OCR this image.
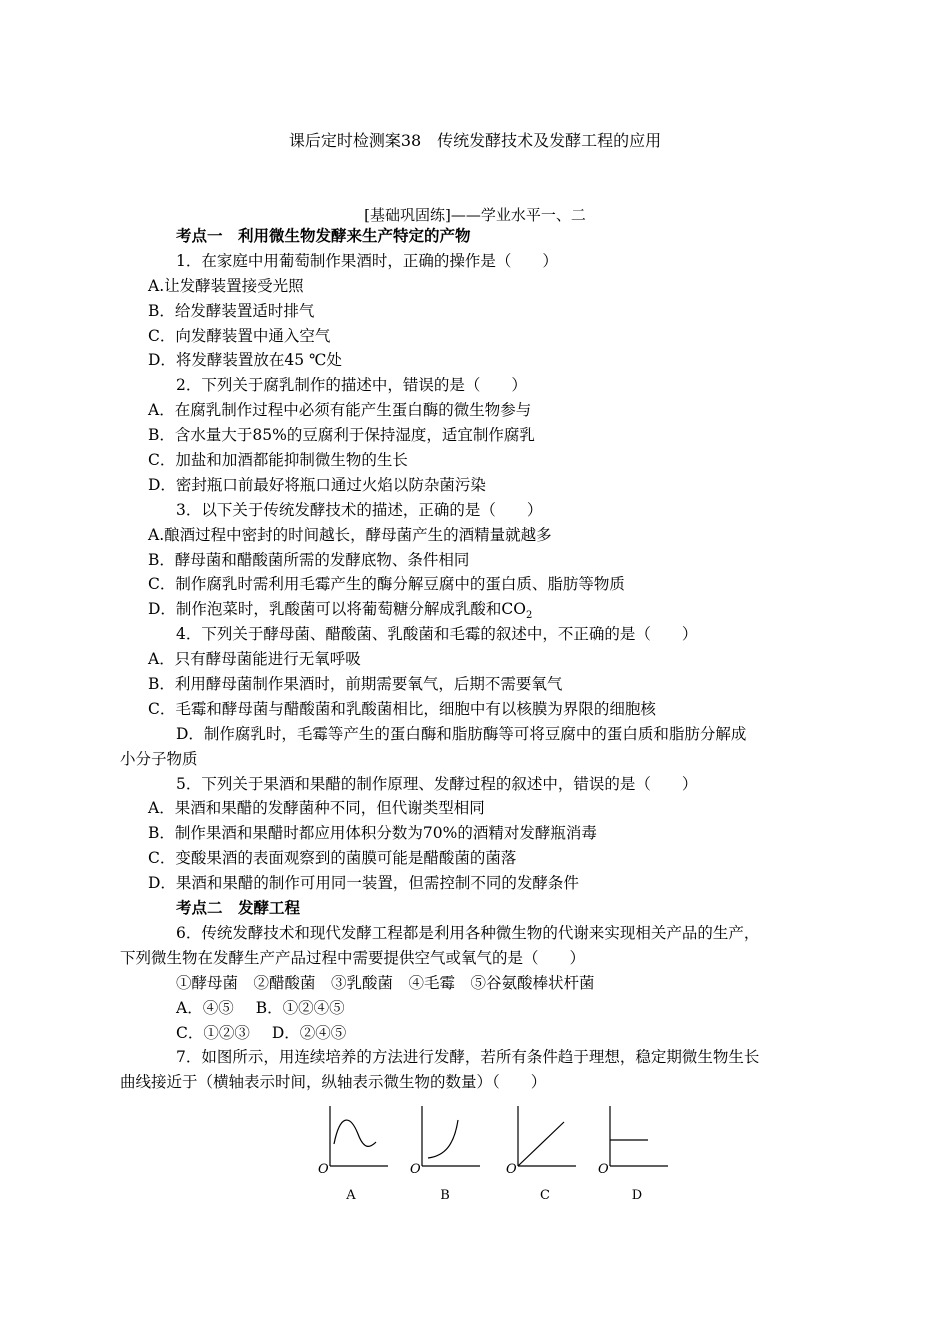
课后定时检测案38　传统发酵技术及发酵工程的应用
[基础巩固练]——学业水平一、二
考点一　利用微生物发酵来生产特定的产物
1．在家庭中用葡萄制作果酒时，正确的操作是（　　）
A.让发酵装置接受光照
B．给发酵装置适时排气
C．向发酵装置中通入空气
D．将发酵装置放在45 ℃处
2．下列关于腐乳制作的描述中，错误的是（　　）
A．在腐乳制作过程中必须有能产生蛋白酶的微生物参与
B．含水量大于85%的豆腐利于保持湿度，适宜制作腐乳
C．加盐和加酒都能抑制微生物的生长
D．密封瓶口前最好将瓶口通过火焰以防杂菌污染
3．以下关于传统发酵技术的描述，正确的是（　　）
A.酿酒过程中密封的时间越长，酵母菌产生的酒精量就越多
B．酵母菌和醋酸菌所需的发酵底物、条件相同
C．制作腐乳时需利用毛霉产生的酶分解豆腐中的蛋白质、脂肪等物质
D．制作泡菜时，乳酸菌可以将葡萄糖分解成乳酸和$CO_2$
4．下列关于酵母菌、醋酸菌、乳酸菌和毛霉的叙述中，不正确的是（　　）
A．只有酵母菌能进行无氧呼吸
B．利用酵母菌制作果酒时，前期需要氧气，后期不需要氧气
C．毛霉和酵母菌与醋酸菌和乳酸菌相比，细胞中有以核膜为界限的细胞核
D．制作腐乳时，毛霉等产生的蛋白酶和脂肪酶等可将豆腐中的蛋白质和脂肪分解成
小分子物质
5．下列关于果酒和果醋的制作原理、发酵过程的叙述中，错误的是（　　）
A．果酒和果醋的发酵菌种不同，但代谢类型相同
B．制作果酒和果醋时都应用体积分数为70%的酒精对发酵瓶消毒
C．变酸果酒的表面观察到的菌膜可能是醋酸菌的菌落
D．果酒和果醋的制作可用同一装置，但需控制不同的发酵条件
考点二　发酵工程
6．传统发酵技术和现代发酵工程都是利用各种微生物的代谢来实现相关产品的生产，
下列微生物在发酵生产产品过程中需要提供空气或氧气的是（　　）
①酵母菌　②醋酸菌　③乳酸菌　④毛霉　⑤谷氨酸棒状杆菌
A．④⑤ B．①②④⑤
C．①②③ D．②④⑤
7．如图所示，用连续培养的方法进行发酵，若所有条件趋于理想，稳定期微生物生长
曲线接近于（横轴表示时间，纵轴表示微生物的数量）（　　）
O
A
O
B
O
C
O
D
